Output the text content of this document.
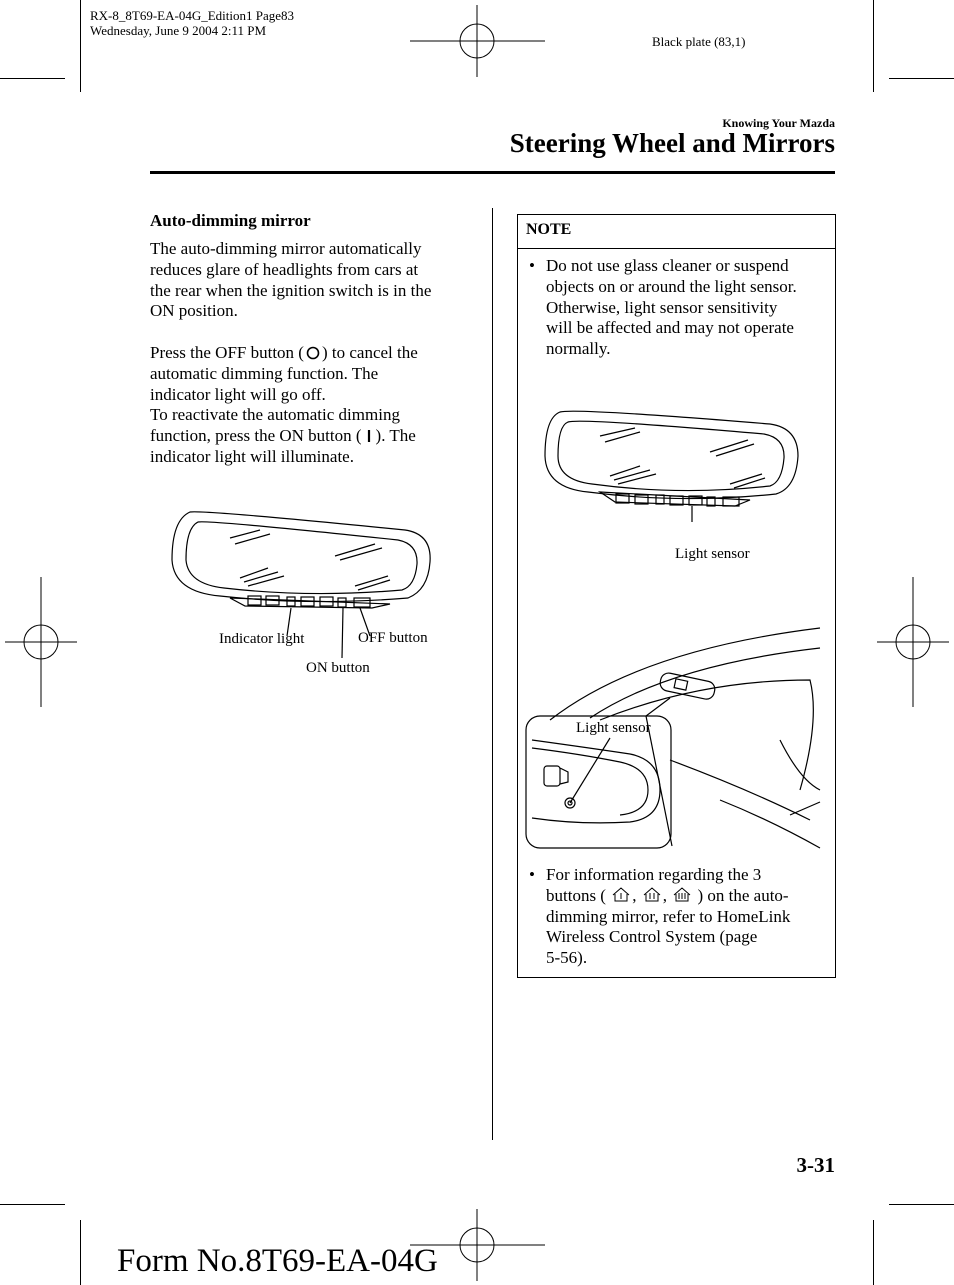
RX-8_8T69-EA-04G_Edition1 Page83
Wednesday, June 9 2004 2:11 PM
Black plate (83,1)
Knowing Your Mazda
Steering Wheel and Mirrors
Auto-dimming mirror
The auto-dimming mirror automatically
reduces glare of headlights from cars at
the rear when the ignition switch is in the
ON position.
Press the OFF button ( ) to cancel the
automatic dimming function. The
indicator light will go off.
To reactivate the automatic dimming
function, press the ON button ( ). The
indicator light will illuminate.
Indicator light	OFF button
ON button
NOTE
• Do not use glass cleaner or suspend
objects on or around the light sensor.
Otherwise, light sensor sensitivity
will be affected and may not operate
normally.
Light sensor
Light sensor
• For information regarding the 3
buttons ( , , ) on the auto-
dimming mirror, refer to HomeLink
Wireless Control System (page
5-56).
3-31
Form No.8T69-EA-04G
